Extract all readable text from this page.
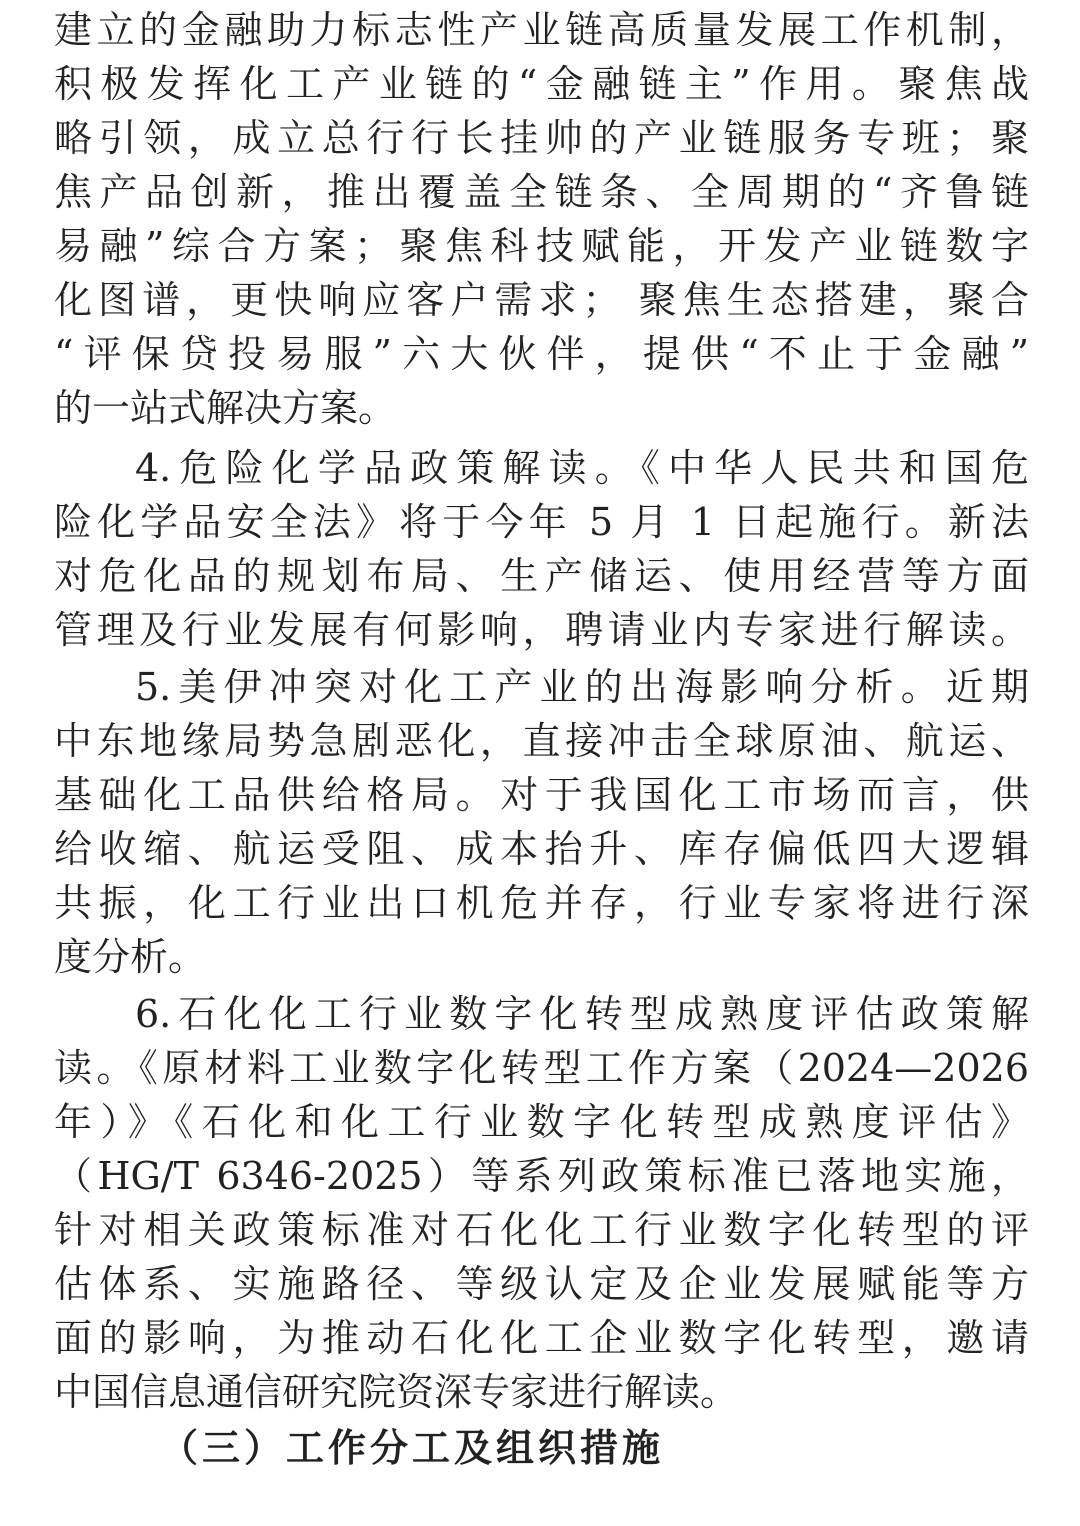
建立的金融助力标志性产业链高质量发展工作机制，
积极发挥化工产业链的“金融链主”作用。聚焦战
略引领，成立总行行长挂帅的产业链服务专班；聚
焦产品创新，推出覆盖全链条、全周期的“齐鲁链
易融”综合方案；聚焦科技赋能，开发产业链数字
化图谱，更快响应客户需求； 聚焦生态搭建，聚合
“评保贷投易服”六大伙伴，提供“不止于金融”
的一站式解决方案。
4.危险化学品政策解读。《中华人民共和国危
险化学品安全法》将于今年 5 月 1 日起施行。新法
对危化品的规划布局、生产储运、使用经营等方面
管理及行业发展有何影响，聘请业内专家进行解读。
5.美伊冲突对化工产业的出海影响分析。近期
中东地缘局势急剧恶化，直接冲击全球原油、航运、
基础化工品供给格局。对于我国化工市场而言，供
给收缩、航运受阻、成本抬升、库存偏低四大逻辑
共振，化工行业出口机危并存，行业专家将进行深
度分析。
6.石化化工行业数字化转型成熟度评估政策解
读。《原材料工业数字化转型工作方案（2024—2026
年）》《石化和化工行业数字化转型成熟度评估》
（HG/T 6346-2025）等系列政策标准已落地实施，
针对相关政策标准对石化化工行业数字化转型的评
估体系、实施路径、等级认定及企业发展赋能等方
面的影响，为推动石化化工企业数字化转型，邀请
中国信息通信研究院资深专家进行解读。
（三）工作分工及组织措施
